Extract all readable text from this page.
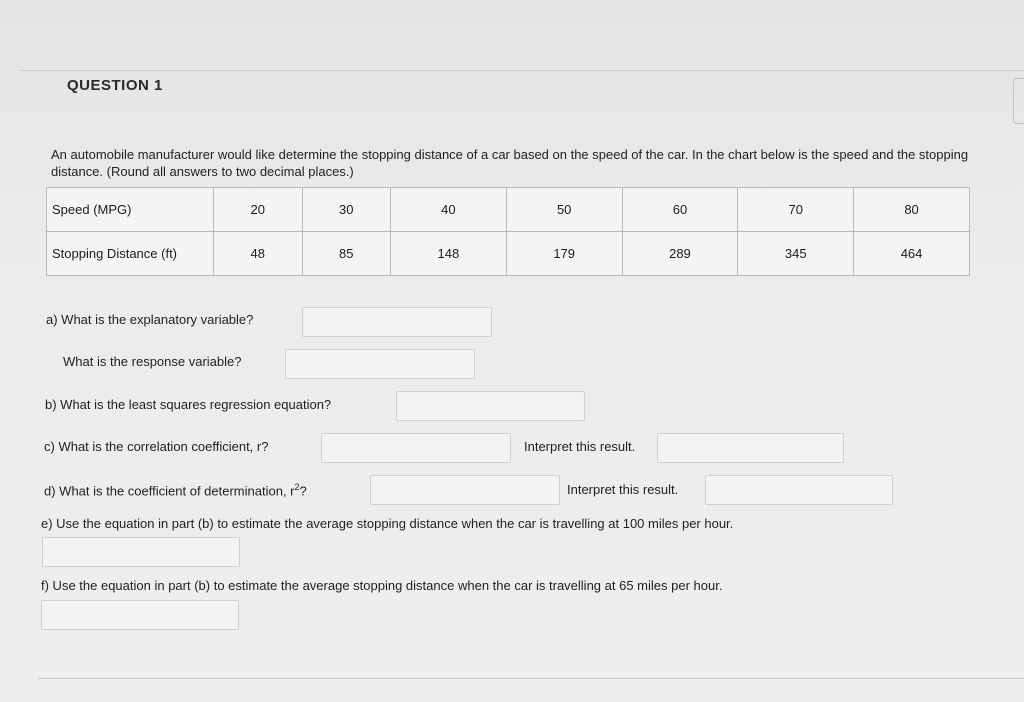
QUESTION 1
An automobile manufacturer would like determine the stopping distance of a car based on the speed of the car. In the chart below is the speed and the stopping distance. (Round all answers to two decimal places.)
Speed (MPG)	20	30	40	50	60	70	80
Stopping Distance (ft)	48	85	148	179	289	345	464
a) What is the explanatory variable?
What is the response variable?
b) What is the least squares regression equation?
c) What is the correlation coefficient, r?	Interpret this result.
d) What is the coefficient of determination, $r^2$?	Interpret this result.
e) Use the equation in part (b) to estimate the average stopping distance when the car is travelling at 100 miles per hour.
f) Use the equation in part (b) to estimate the average stopping distance when the car is travelling at 65 miles per hour.
